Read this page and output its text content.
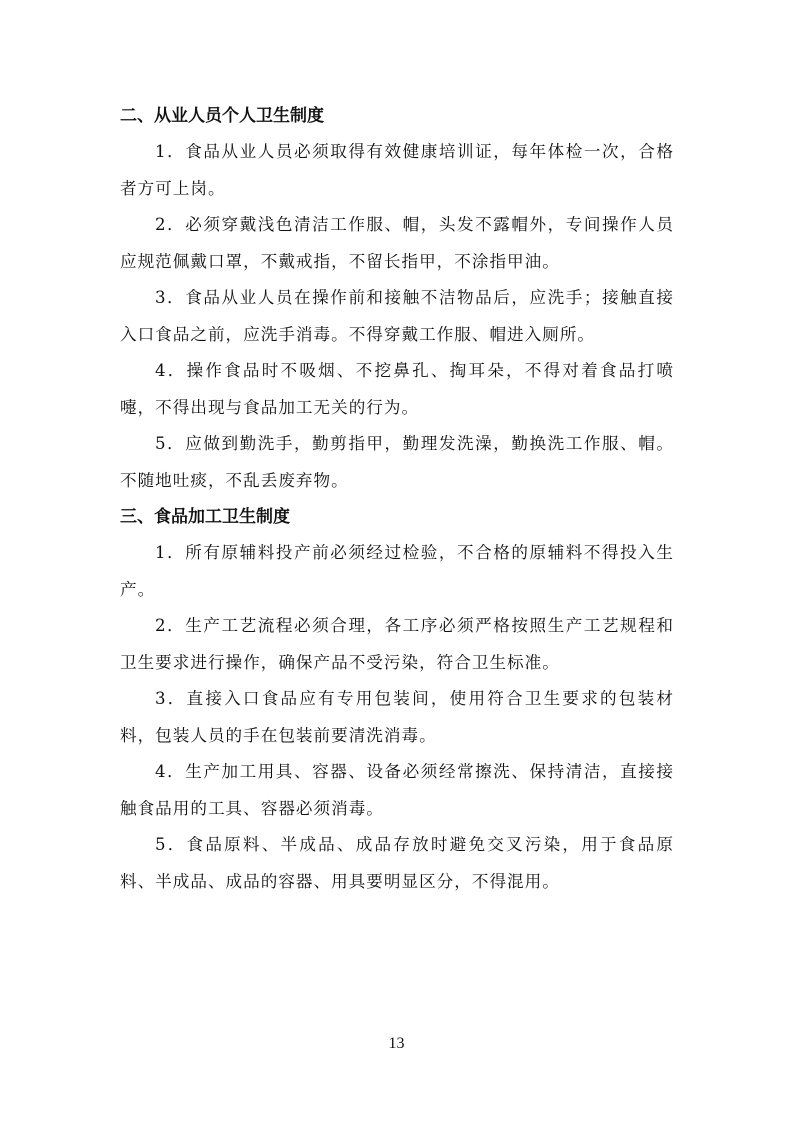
二、从业人员个人卫生制度

1．食品从业人员必须取得有效健康培训证，每年体检一次，合格者方可上岗。

2．必须穿戴浅色清洁工作服、帽，头发不露帽外，专间操作人员应规范佩戴口罩，不戴戒指，不留长指甲，不涂指甲油。

3．食品从业人员在操作前和接触不洁物品后，应洗手；接触直接入口食品之前，应洗手消毒。不得穿戴工作服、帽进入厕所。

4．操作食品时不吸烟、不挖鼻孔、掏耳朵，不得对着食品打喷嚏，不得出现与食品加工无关的行为。

5．应做到勤洗手，勤剪指甲，勤理发洗澡，勤换洗工作服、帽。不随地吐痰，不乱丢废弃物。

三、食品加工卫生制度

1．所有原辅料投产前必须经过检验，不合格的原辅料不得投入生产。

2．生产工艺流程必须合理，各工序必须严格按照生产工艺规程和卫生要求进行操作，确保产品不受污染，符合卫生标准。

3．直接入口食品应有专用包装间，使用符合卫生要求的包装材料，包装人员的手在包装前要清洗消毒。

4．生产加工用具、容器、设备必须经常擦洗、保持清洁，直接接触食品用的工具、容器必须消毒。

5．食品原料、半成品、成品存放时避免交叉污染，用于食品原料、半成品、成品的容器、用具要明显区分，不得混用。

13
